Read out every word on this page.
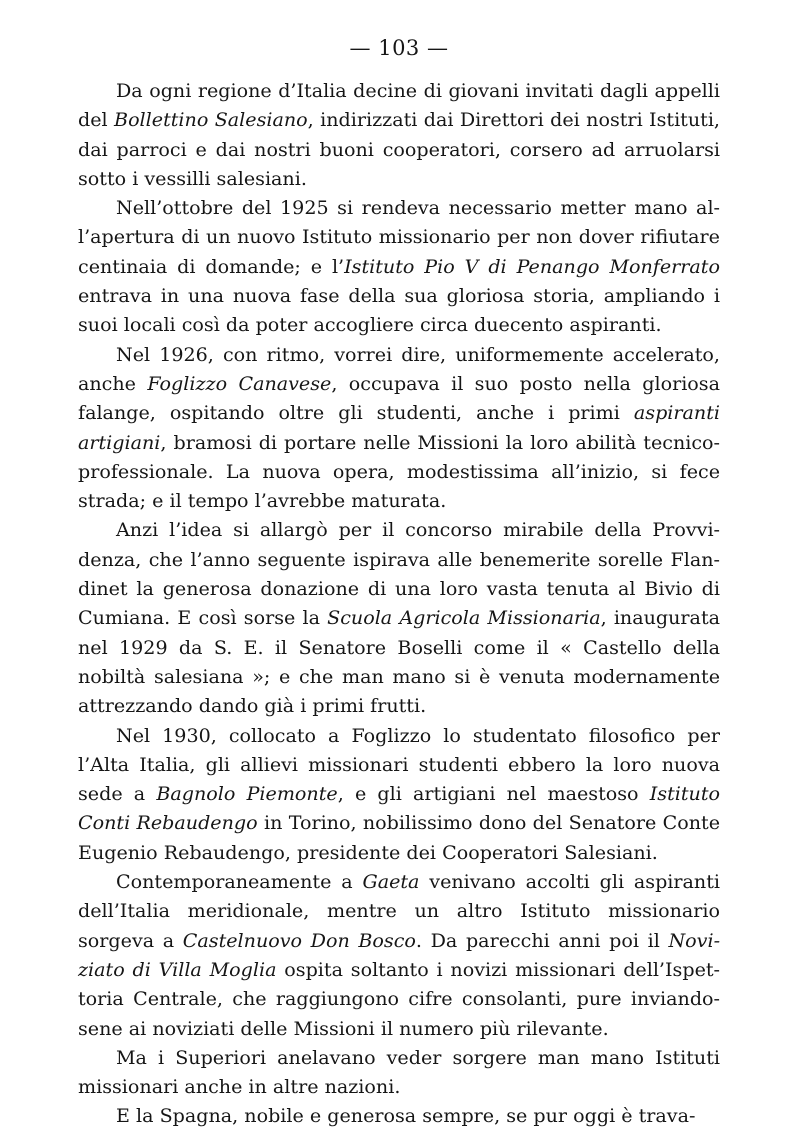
— 103 —

Da ogni regione d’Italia decine di giovani invitati dagli appelli del Bollettino Salesiano, indirizzati dai Direttori dei nostri Istituti, dai parroci e dai nostri buoni cooperatori, corsero ad arruolarsi sotto i vessilli salesiani.

Nell’ottobre del 1925 si rendeva necessario metter mano all’apertura di un nuovo Istituto missionario per non dover rifiutare centinaia di domande; e l’Istituto Pio V di Penango Monferrato entrava in una nuova fase della sua gloriosa storia, ampliando i suoi locali così da poter accogliere circa duecento aspiranti.

Nel 1926, con ritmo, vorrei dire, uniformemente accelerato, anche Foglizzo Canavese, occupava il suo posto nella gloriosa falange, ospitando oltre gli studenti, anche i primi aspiranti artigiani, bramosi di portare nelle Missioni la loro abilità tecnico-professionale. La nuova opera, modestissima all’inizio, si fece strada; e il tempo l’avrebbe maturata.

Anzi l’idea si allargò per il concorso mirabile della Provvidenza, che l’anno seguente ispirava alle benemerite sorelle Flandinet la generosa donazione di una loro vasta tenuta al Bivio di Cumiana. E così sorse la Scuola Agricola Missionaria, inaugurata nel 1929 da S. E. il Senatore Boselli come il « Castello della nobiltà salesiana »; e che man mano si è venuta modernamente attrezzando dando già i primi frutti.

Nel 1930, collocato a Foglizzo lo studentato filosofico per l’Alta Italia, gli allievi missionari studenti ebbero la loro nuova sede a Bagnolo Piemonte, e gli artigiani nel maestoso Istituto Conti Rebaudengo in Torino, nobilissimo dono del Senatore Conte Eugenio Rebaudengo, presidente dei Cooperatori Salesiani.

Contemporaneamente a Gaeta venivano accolti gli aspiranti dell’Italia meridionale, mentre un altro Istituto missionario sorgeva a Castelnuovo Don Bosco. Da parecchi anni poi il Noviziato di Villa Moglia ospita soltanto i novizi missionari dell’Ispettoria Centrale, che raggiungono cifre consolanti, pure inviandosene ai noviziati delle Missioni il numero più rilevante.

Ma i Superiori anelavano veder sorgere man mano Istituti missionari anche in altre nazioni.

E la Spagna, nobile e generosa sempre, se pur oggi è trava-
